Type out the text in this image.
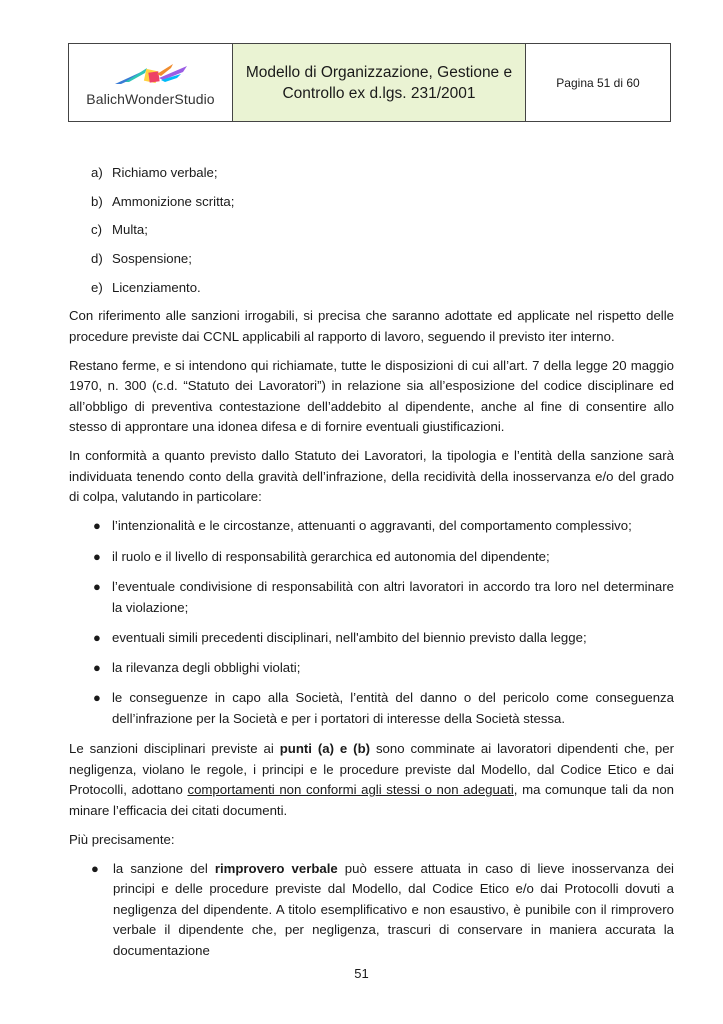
BalichWonderStudio
Modello di Organizzazione, Gestione e
Controllo ex d.lgs. 231/2001
Pagina 51 di 60
a) Richiamo verbale;
b) Ammonizione scritta;
c) Multa;
d) Sospensione;
e) Licenziamento.

Con riferimento alle sanzioni irrogabili, si precisa che saranno adottate ed applicate nel rispetto delle procedure previste dai CCNL applicabili al rapporto di lavoro, seguendo il previsto iter interno.

Restano ferme, e si intendono qui richiamate, tutte le disposizioni di cui all’art. 7 della legge 20 maggio 1970, n. 300 (c.d. “Statuto dei Lavoratori”) in relazione sia all’esposizione del codice disciplinare ed all’obbligo di preventiva contestazione dell’addebito al dipendente, anche al fine di consentire allo stesso di approntare una idonea difesa e di fornire eventuali giustificazioni.

In conformità a quanto previsto dallo Statuto dei Lavoratori, la tipologia e l’entità della sanzione sarà individuata tenendo conto della gravità dell’infrazione, della recidività della inosservanza e/o del grado di colpa, valutando in particolare:

● l’intenzionalità e le circostanze, attenuanti o aggravanti, del comportamento complessivo;
● il ruolo e il livello di responsabilità gerarchica ed autonomia del dipendente;
● l’eventuale condivisione di responsabilità con altri lavoratori in accordo tra loro nel determinare la violazione;
● eventuali simili precedenti disciplinari, nell'ambito del biennio previsto dalla legge;
● la rilevanza degli obblighi violati;
● le conseguenze in capo alla Società, l’entità del danno o del pericolo come conseguenza dell’infrazione per la Società e per i portatori di interesse della Società stessa.

Le sanzioni disciplinari previste ai punti (a) e (b) sono comminate ai lavoratori dipendenti che, per negligenza, violano le regole, i principi e le procedure previste dal Modello, dal Codice Etico e dai Protocolli, adottano comportamenti non conformi agli stessi o non adeguati, ma comunque tali da non minare l’efficacia dei citati documenti.

Più precisamente:

●	la sanzione del rimprovero verbale può essere attuata in caso di lieve inosservanza dei principi e delle procedure previste dal Modello, dal Codice Etico e/o dai Protocolli dovuti a negligenza del dipendente. A titolo esemplificativo e non esaustivo, è punibile con il rimprovero verbale il dipendente che, per negligenza, trascuri di conservare in maniera accurata la documentazione
51
